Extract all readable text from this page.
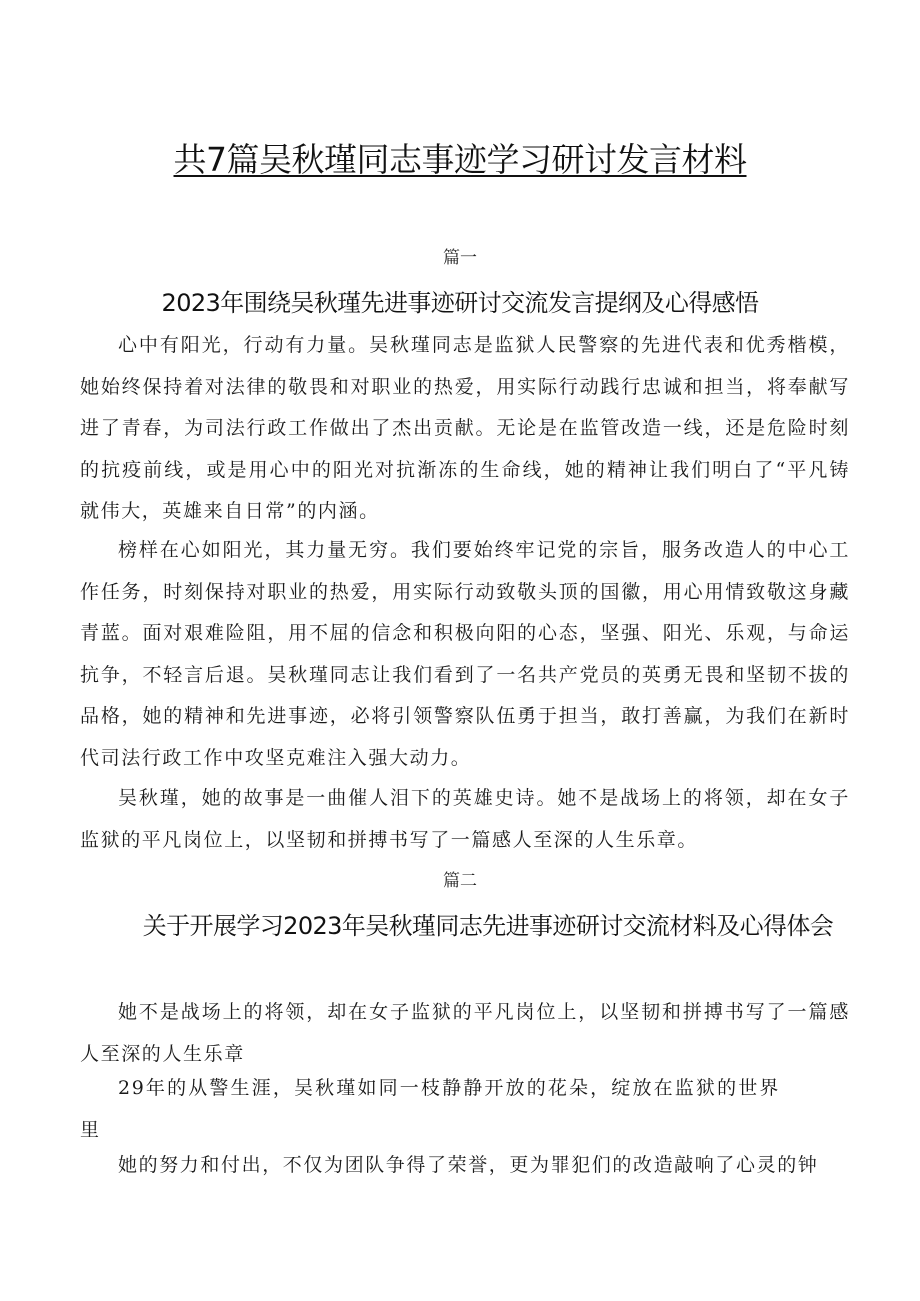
共7篇吴秋瑾同志事迹学习研讨发言材料
篇一
2023年围绕吴秋瑾先进事迹研讨交流发言提纲及心得感悟
心中有阳光，行动有力量。吴秋瑾同志是监狱人民警察的先进代表和优秀楷模，她始终保持着对法律的敬畏和对职业的热爱，用实际行动践行忠诚和担当，将奉献写进了青春，为司法行政工作做出了杰出贡献。无论是在监管改造一线，还是危险时刻的抗疫前线，或是用心中的阳光对抗渐冻的生命线，她的精神让我们明白了“平凡铸就伟大，英雄来自日常”的内涵。
榜样在心如阳光，其力量无穷。我们要始终牢记党的宗旨，服务改造人的中心工作任务，时刻保持对职业的热爱，用实际行动致敬头顶的国徽，用心用情致敬这身藏青蓝。面对艰难险阻，用不屈的信念和积极向阳的心态，坚强、阳光、乐观，与命运抗争，不轻言后退。吴秋瑾同志让我们看到了一名共产党员的英勇无畏和坚韧不拔的品格，她的精神和先进事迹，必将引领警察队伍勇于担当，敢打善赢，为我们在新时代司法行政工作中攻坚克难注入强大动力。
吴秋瑾，她的故事是一曲催人泪下的英雄史诗。她不是战场上的将领，却在女子监狱的平凡岗位上，以坚韧和拼搏书写了一篇感人至深的人生乐章。
篇二
关于开展学习2023年吴秋瑾同志先进事迹研讨交流材料及心得体会
她不是战场上的将领，却在女子监狱的平凡岗位上，以坚韧和拼搏书写了一篇感人至深的人生乐章
29年的从警生涯，吴秋瑾如同一枝静静开放的花朵，绽放在监狱的世界里
她的努力和付出，不仅为团队争得了荣誉，更为罪犯们的改造敲响了心灵的钟
